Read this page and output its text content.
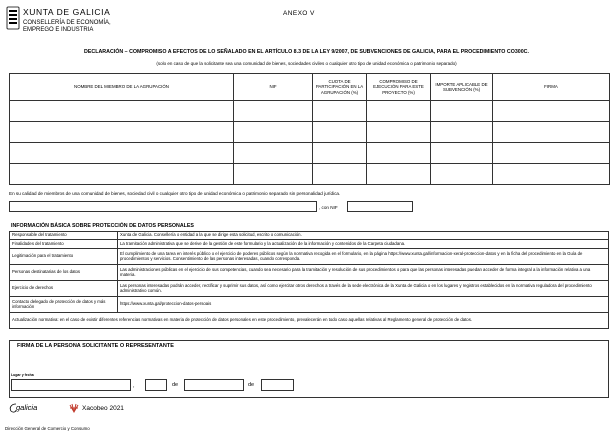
XUNTA DE GALICIA
CONSELLERÍA DE ECONOMÍA,
EMPREGO E INDUSTRIA
ANEXO V
DECLARACIÓN – COMPROMISO A EFECTOS DE LO SEÑALADO EN EL ARTÍCULO 8.3 DE LA LEY 9/2007, DE SUBVENCIONES DE GALICIA, PARA EL PROCEDIMIENTO CO300C.
(solo en caso de que la solicitante sea una comunidad de bienes, sociedades civiles o cualquier otro tipo de unidad económica o patrimonio separado)
NOMBRE DEL MIEMBRO DE LA AGRUPACIÓN	NIF	CUOTA DE PARTICIPACIÓN EN LA AGRUPACIÓN (%)	COMPROMISO DE EJECUCIÓN PARA ESTE PROYECTO (%)	IMPORTE APLICABLE DE SUBVENCIÓN (%)	FIRMA

En su calidad de miembros de una comunidad de bienes, sociedad civil o cualquier otro tipo de unidad económica o patrimonio separado sin personalidad jurídica.
, con NIF
INFORMACIÓN BÁSICA SOBRE PROTECCIÓN DE DATOS PERSONALES
Responsable del tratamiento	Xunta de Galicia. Consellería o entidad a la que se dirige esta solicitud, escrito o comunicación.
Finalidades del tratamiento	La tramitación administrativa que se derive de la gestión de este formulario y la actualización de la información y contenidos de la Carpeta ciudadana.
Legitimación para el tratamiento	El cumplimiento de una tarea en interés público o el ejercicio de poderes públicos según la normativa recogida en el formulario, en la página https://www.xunta.gal/informacion-xeral-proteccion-datos y en la ficha del procedimiento en la Guía de procedimientos y servicios. Consentimiento de las personas interesadas, cuando corresponda.
Personas destinatarias de los datos	Las administraciones públicas en el ejercicio de sus competencias, cuando sea necesario para la tramitación y resolución de sus procedimientos o para que las personas interesadas puedan acceder de forma integral a la información relativa a una materia.
Ejercicio de derechos	Las personas interesadas podrán acceder, rectificar y suprimir sus datos, así como ejercitar otros derechos a través de la sede electrónica de la Xunta de Galicia o en los lugares y registros establecidos en la normativa reguladora del procedimiento administrativo común.
Contacto delegado de protección de datos y más información	https://www.xunta.gal/proteccion-datos-persoais
Actualización normativa: en el caso de existir diferentes referencias normativas en materia de protección de datos personales en este procedimiento, prevalecerán en todo caso aquellas relativas al Reglamento general de protección de datos.	
FIRMA DE LA PERSONA SOLICITANTE O REPRESENTANTE
Lugar y fecha
,	de	de
galicia	Xacobeo 2021
Dirección General de Comercio y Consumo
